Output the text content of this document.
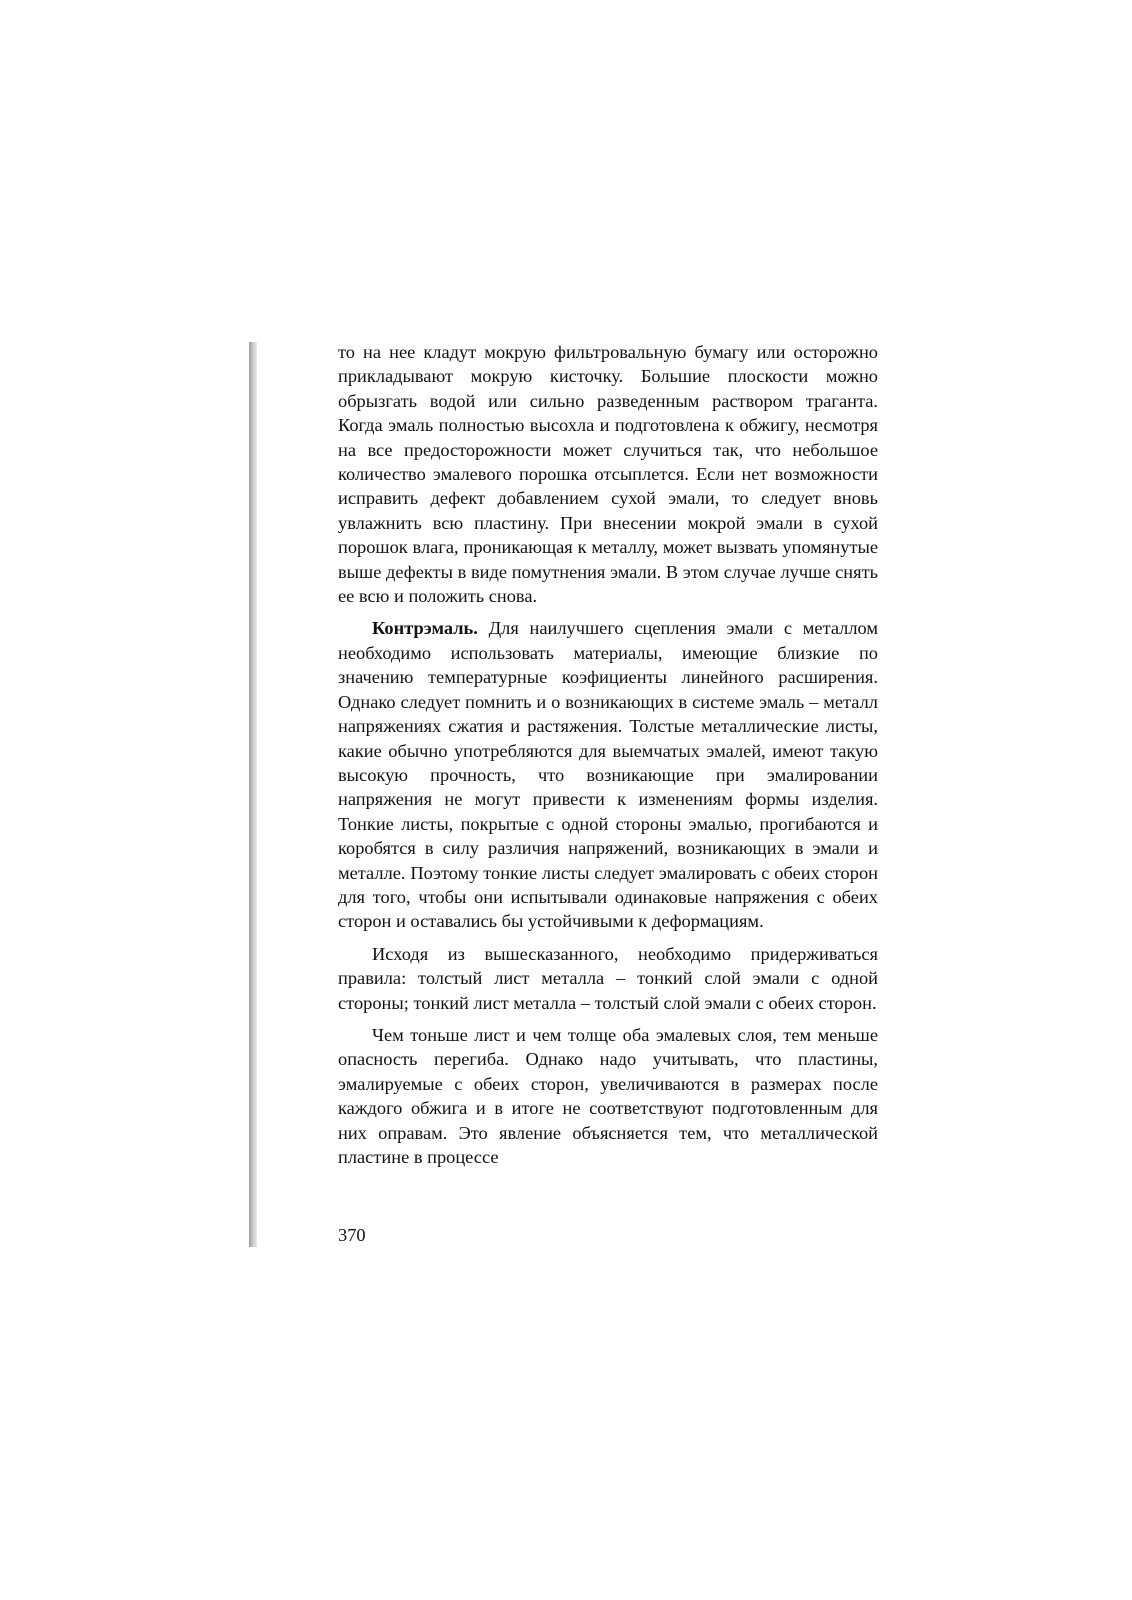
то на нее кладут мокрую фильтровальную бумагу или осторожно прикладывают мокрую кисточку. Большие плоскости можно обрызгать водой или сильно разведенным раствором траганта. Когда эмаль полностью высохла и подготовлена к обжигу, несмотря на все предосторожности может случиться так, что небольшое количество эмалевого порошка отсыплется. Если нет возможности исправить дефект добавлением сухой эмали, то следует вновь увлажнить всю пластину. При внесении мокрой эмали в сухой порошок влага, проникающая к металлу, может вызвать упомянутые выше дефекты в виде помутнения эмали. В этом случае лучше снять ее всю и положить снова.

Контрэмаль. Для наилучшего сцепления эмали с металлом необходимо использовать материалы, имеющие близкие по значению температурные коэфициенты линейного расширения. Однако следует помнить и о возникающих в системе эмаль – металл напряжениях сжатия и растяжения. Толстые металлические листы, какие обычно употребляются для выемчатых эмалей, имеют такую высокую прочность, что возникающие при эмалировании напряжения не могут привести к изменениям формы изделия. Тонкие листы, покрытые с одной стороны эмалью, прогибаются и коробятся в силу различия напряжений, возникающих в эмали и металле. Поэтому тонкие листы следует эмалировать с обеих сторон для того, чтобы они испытывали одинаковые напряжения с обеих сторон и оставались бы устойчивыми к деформациям.

Исходя из вышесказанного, необходимо придерживаться правила: толстый лист металла – тонкий слой эмали с одной стороны; тонкий лист металла – толстый слой эмали с обеих сторон.

Чем тоньше лист и чем толще оба эмалевых слоя, тем меньше опасность перегиба. Однако надо учитывать, что пластины, эмалируемые с обеих сторон, увеличиваются в размерах после каждого обжига и в итоге не соответствуют подготовленным для них оправам. Это явление объясняется тем, что металлической пластине в процессе

370
